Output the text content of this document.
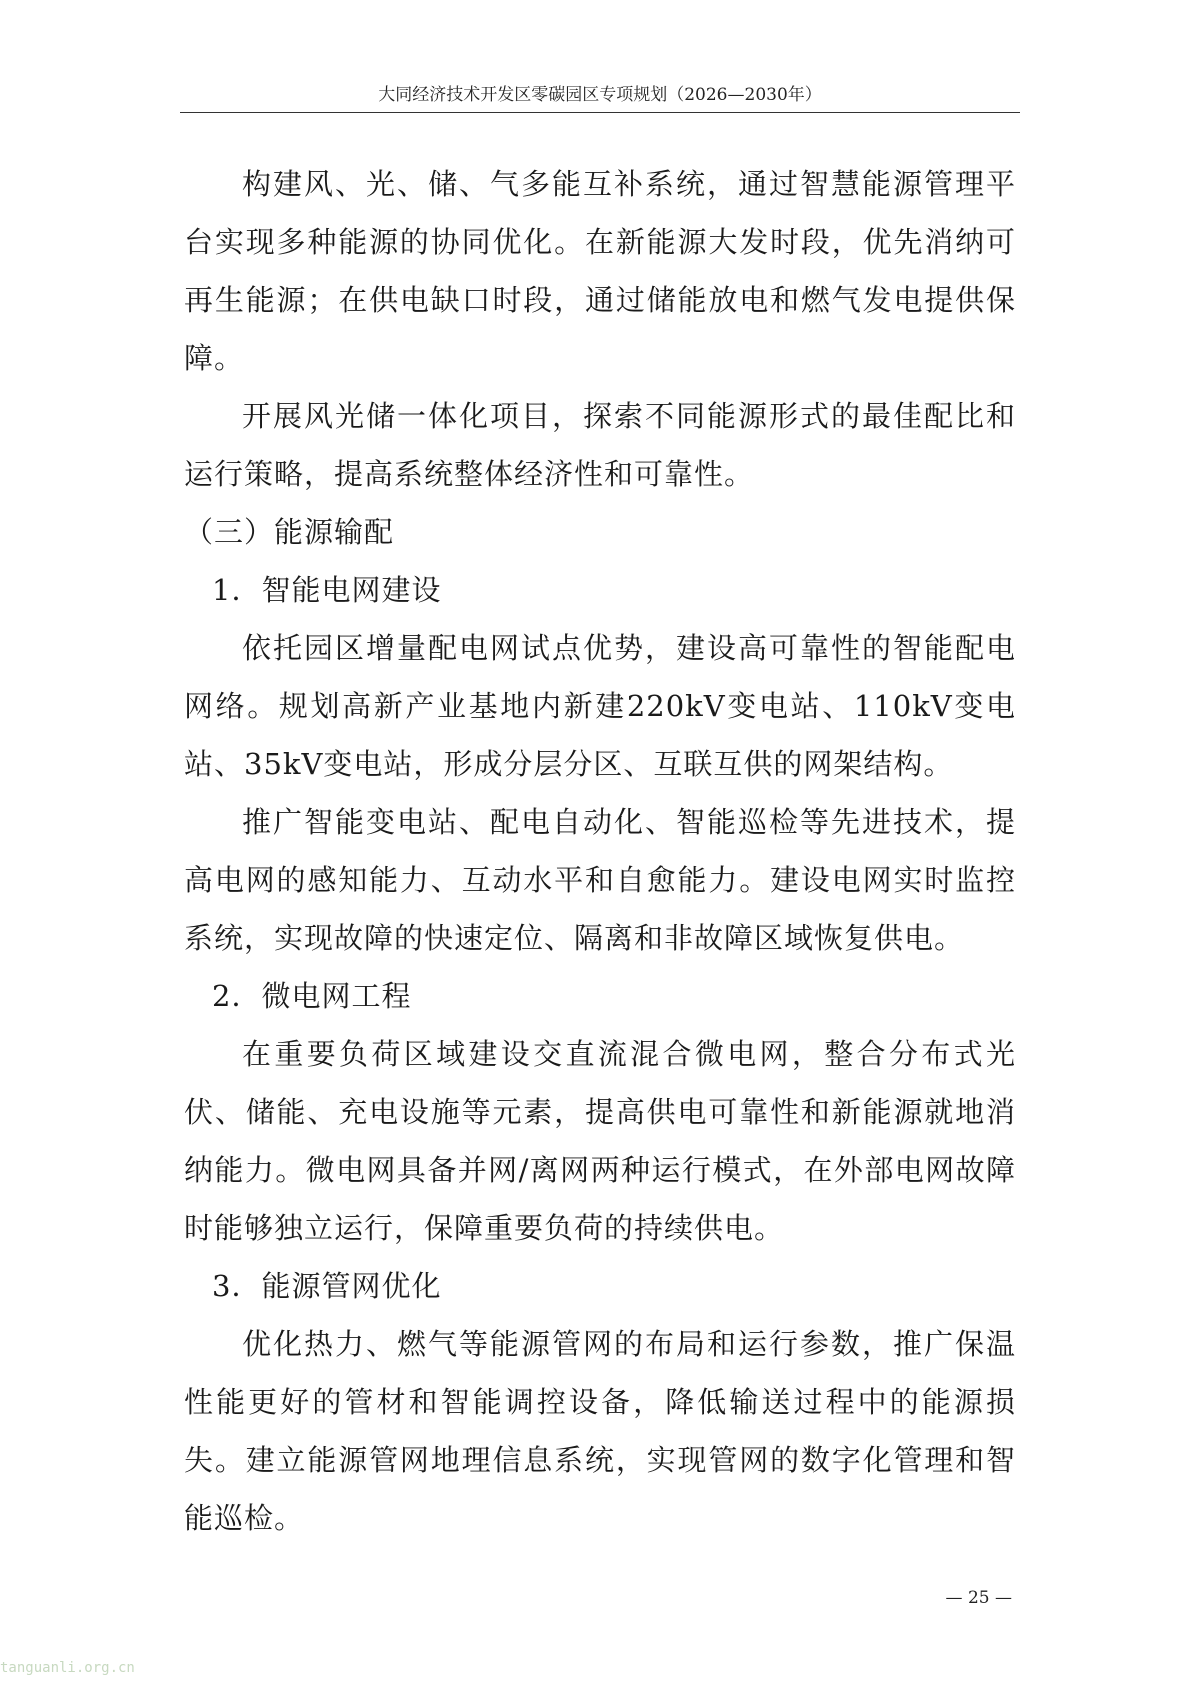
大同经济技术开发区零碳园区专项规划（2026—2030年）

构建风、光、储、气多能互补系统，通过智慧能源管理平台实现多种能源的协同优化。在新能源大发时段，优先消纳可再生能源；在供电缺口时段，通过储能放电和燃气发电提供保障。

开展风光储一体化项目，探索不同能源形式的最佳配比和运行策略，提高系统整体经济性和可靠性。

（三）能源输配

1．智能电网建设

依托园区增量配电网试点优势，建设高可靠性的智能配电网络。规划高新产业基地内新建220kV变电站、110kV变电站、35kV变电站，形成分层分区、互联互供的网架结构。

推广智能变电站、配电自动化、智能巡检等先进技术，提高电网的感知能力、互动水平和自愈能力。建设电网实时监控系统，实现故障的快速定位、隔离和非故障区域恢复供电。

2．微电网工程

在重要负荷区域建设交直流混合微电网，整合分布式光伏、储能、充电设施等元素，提高供电可靠性和新能源就地消纳能力。微电网具备并网/离网两种运行模式，在外部电网故障时能够独立运行，保障重要负荷的持续供电。

3．能源管网优化

优化热力、燃气等能源管网的布局和运行参数，推广保温性能更好的管材和智能调控设备，降低输送过程中的能源损失。建立能源管网地理信息系统，实现管网的数字化管理和智能巡检。

— 25 —
tanguanli.org.cn
